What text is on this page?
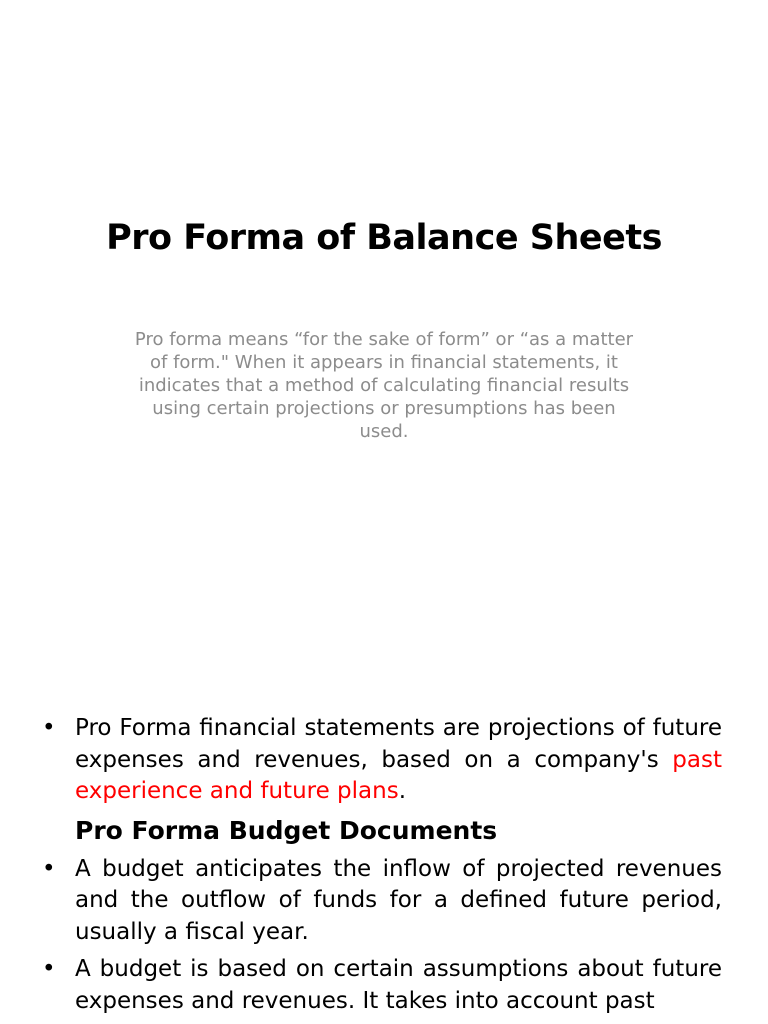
Pro Forma of Balance Sheets
Pro forma means “for the sake of form” or “as a matter of form." When it appears in financial statements, it indicates that a method of calculating financial results using certain projections or presumptions has been used.
• Pro Forma financial statements are projections of future expenses and revenues, based on a company's past experience and future plans.
Pro Forma Budget Documents
• A budget anticipates the inflow of projected revenues and the outflow of funds for a defined future period, usually a fiscal year.
• A budget is based on certain assumptions about future expenses and revenues. It takes into account past
